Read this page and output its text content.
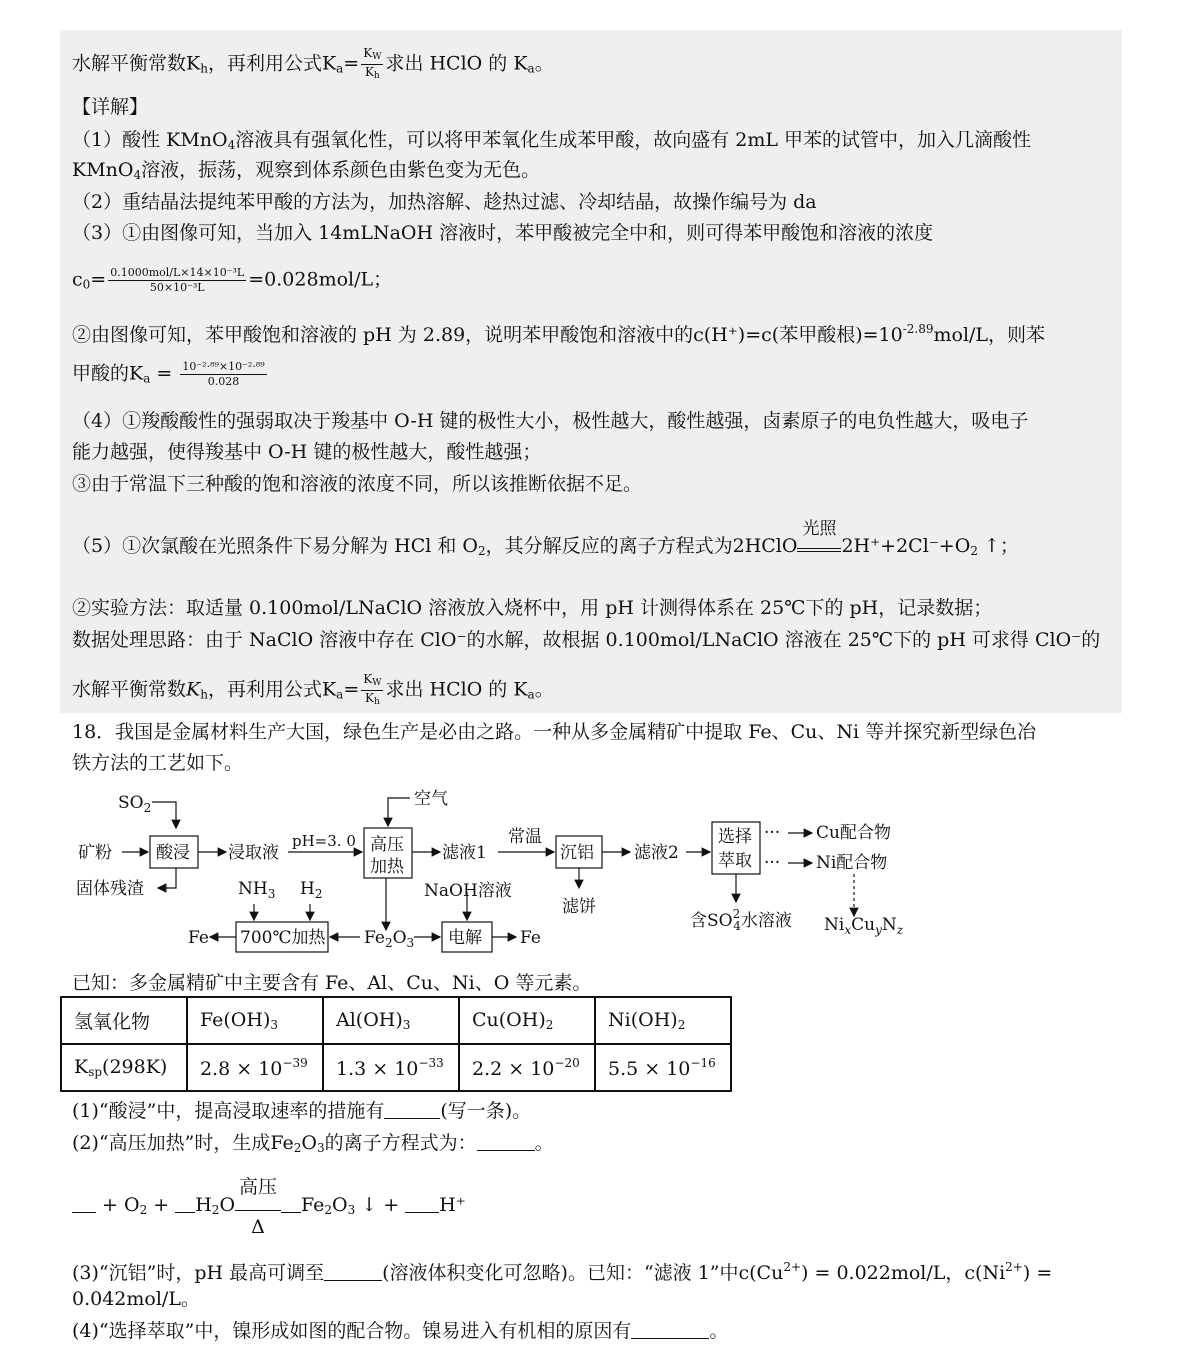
水解平衡常数$K_h$，再利用公式$K_a= \frac{K_W}{K_h}$ 求出 HClO 的 $K_a$。
【详解】
（1）酸性 KMnO$_4$溶液具有强氧化性，可以将甲苯氧化生成苯甲酸，故向盛有 2mL 甲苯的试管中，加入几滴酸性
KMnO$_4$溶液，振荡，观察到体系颜色由紫色变为无色。
（2）重结晶法提纯苯甲酸的方法为，加热溶解、趁热过滤、冷却结晶，故操作编号为 da
（3）①由图像可知，当加入 14mLNaOH 溶液时，苯甲酸被完全中和，则可得苯甲酸饱和溶液的浓度
$c_0= \frac{\text{0.1000mol/L×14×10⁻³L}}{\text{50×10⁻³L}} =0.028mol/L$；
②由图像可知，苯甲酸饱和溶液的 pH 为 2.89，说明苯甲酸饱和溶液中的c(H⁺)=c(苯甲酸根)$=10^{-2.89}mol/L$，则苯
甲酸的$K_a = \frac{\text{10⁻²·⁸⁹×10⁻²·⁸⁹}}{0.028}$
（4）①羧酸酸性的强弱取决于羧基中 O-H 键的极性大小，极性越大，酸性越强，卤素原子的电负性越大，吸电子
能力越强，使得羧基中 O-H 键的极性越大，酸性越强；
③由于常温下三种酸的饱和溶液的浓度不同，所以该推断依据不足。
（5）①次氯酸在光照条件下易分解为 HCl 和 $O_2$，其分解反应的离子方程式为2HClO
光照
$2H^++2Cl^-+O_2$ ↑；
②实验方法：取适量 0.100mol/LNaClO 溶液放入烧杯中，用 pH 计测得体系在 25℃下的 pH，记录数据；
数据处理思路：由于 NaClO 溶液中存在 ClO⁻的水解，故根据 0.100mol/LNaClO 溶液在 25℃下的 pH 可求得 ClO⁻的
水解平衡常数$K_h$，再利用公式$K_a= \frac{K_W}{K_h}$ 求出 HClO 的 $K_a$。
18．我国是金属材料生产大国，绿色生产是必由之路。一种从多金属精矿中提取 Fe、Cu、Ni 等并探究新型绿色冶
铁方法的工艺如下。
$SO_2$
矿粉	酸浸
固体残渣
浸取液
pH=3. 0
空气
高压
加热
滤液1
常温
沉铝
滤饼
滤液2
选择
萃取
···
···
Cu配合物
Ni配合物
含$SO^2$ 4水溶液 $Ni_xCu_yN_z$
$NH_3$ $H_2$	NaOH溶液
700℃加热
Fe	$Fe_2O_3$ 电解 Fe
已知：多金属精矿中主要含有 Fe、Al、Cu、Ni、O 等元素。
氢氧化物	$Fe(OH)_3$	$Al(OH)_3$	$Cu(OH)_2$	$Ni(OH)_2$
$K_{sp}(298K)$	$2.8 \times 10^{-39}$	$1.3 \times 10^{-33}$	$2.2 \times 10^{-20}$	$5.5 \times 10^{-16}$
(1)“酸浸”中，提高浸取速率的措施有	(写一条)。
(2)“高压加热”时，生成$Fe_2O_3$的离子方程式为：	。
+ $O_2 + H_2O$
高压
Δ
$Fe_2O_3$ ↓ + H⁺
(3)“沉铝”时，pH 最高可调至	(溶液体积变化可忽略)。已知：“滤液 1”中$c(Cu^{2+}) = 0.022mol/L$，$c(Ni^{2+})$ =
0.042mol/L。
(4)“选择萃取”中，镍形成如图的配合物。镍易进入有机相的原因有	。
